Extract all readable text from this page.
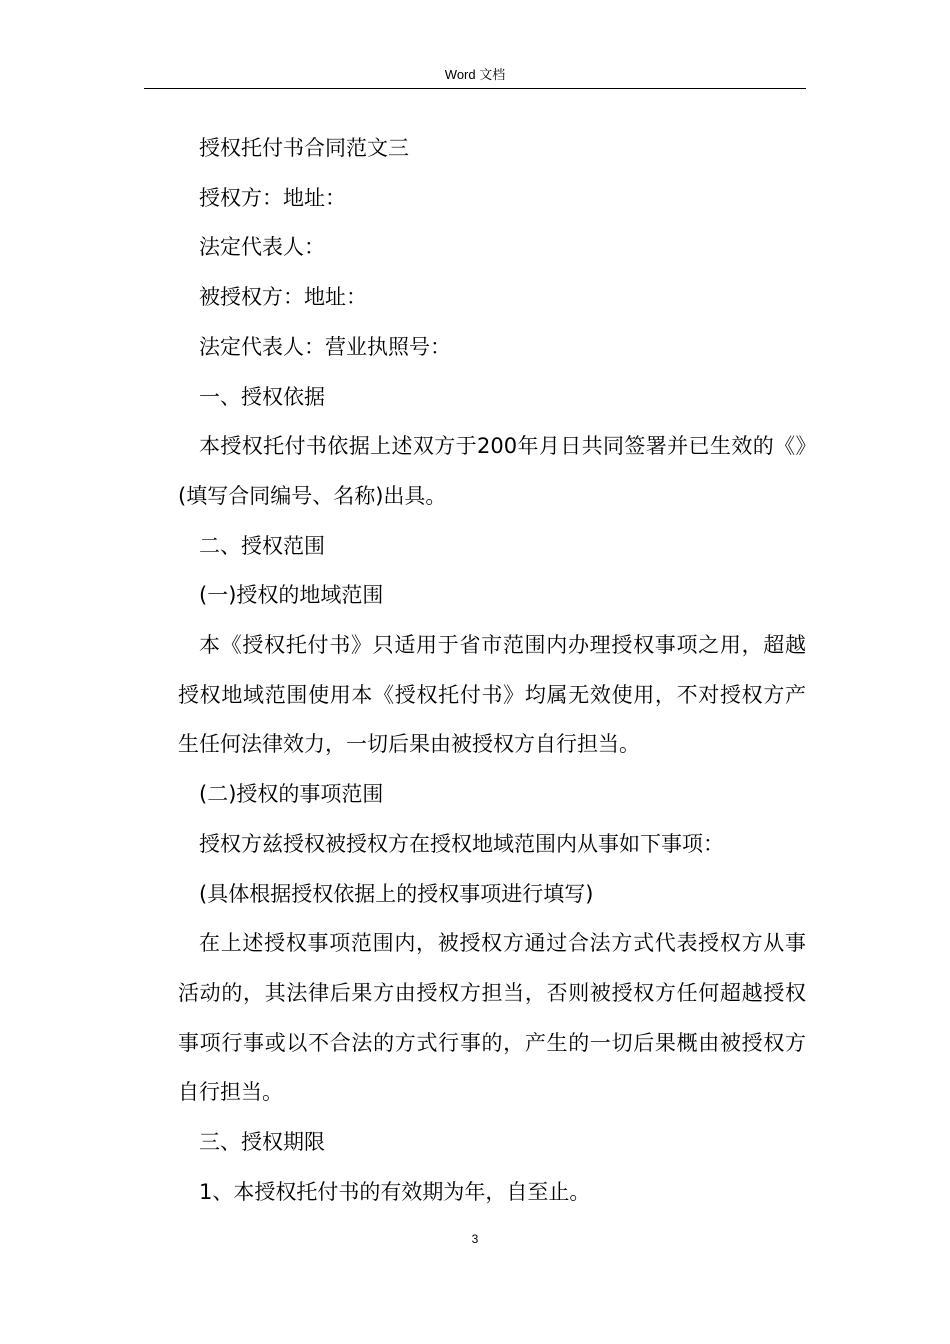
Word 文档

授权托付书合同范文三

授权方：地址：

法定代表人：

被授权方：地址：

法定代表人：营业执照号：

一、授权依据

本授权托付书依据上述双方于200年月日共同签署并已生效的《》(填写合同编号、名称)出具。

二、授权范围

(一)授权的地域范围

本《授权托付书》只适用于省市范围内办理授权事项之用，超越授权地域范围使用本《授权托付书》均属无效使用，不对授权方产生任何法律效力，一切后果由被授权方自行担当。

(二)授权的事项范围

授权方兹授权被授权方在授权地域范围内从事如下事项：

(具体根据授权依据上的授权事项进行填写)

在上述授权事项范围内，被授权方通过合法方式代表授权方从事活动的，其法律后果方由授权方担当，否则被授权方任何超越授权事项行事或以不合法的方式行事的，产生的一切后果概由被授权方自行担当。

三、授权期限

1、本授权托付书的有效期为年，自至止。

3
